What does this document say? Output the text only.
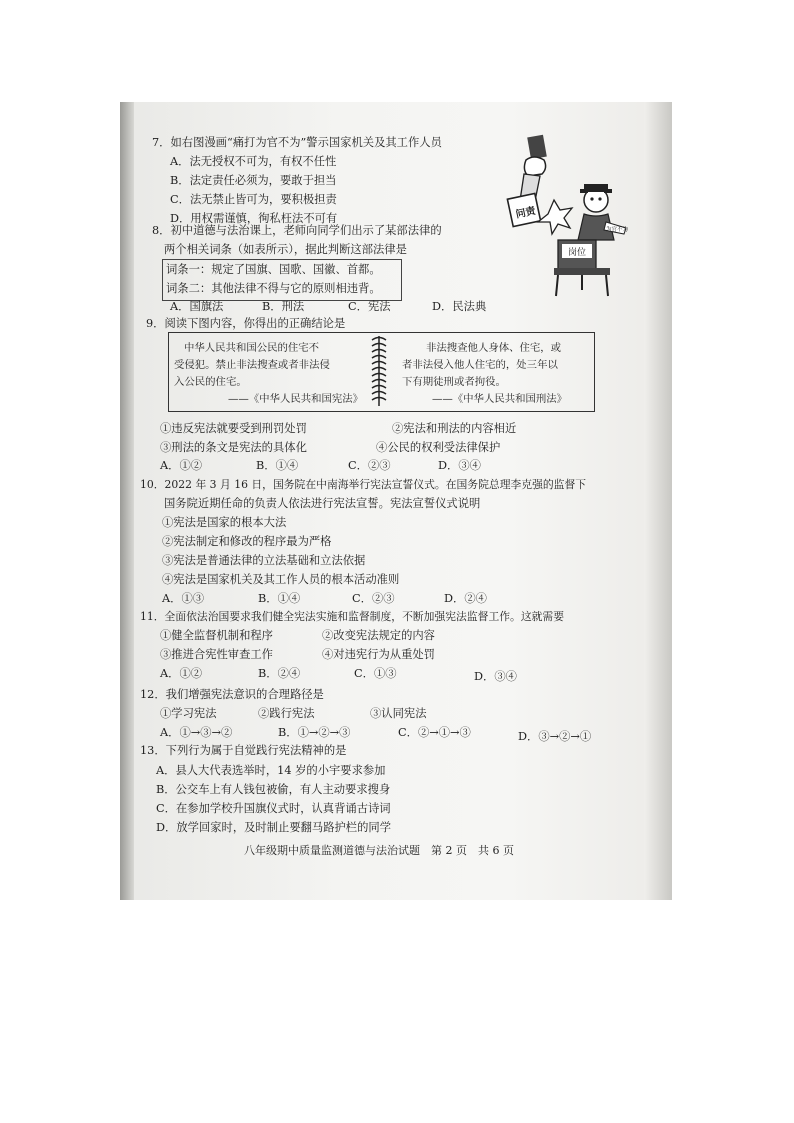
问责
为官不为
岗位
7．如右图漫画“痛打为官不为”警示国家机关及其工作人员
A．法无授权不可为，有权不任性
B．法定责任必须为，要敢于担当
C．法无禁止皆可为，要积极担责
D．用权需谨慎，徇私枉法不可有
8．初中道德与法治课上，老师向同学们出示了某部法律的
两个相关词条（如表所示），据此判断这部法律是
词条一：规定了国旗、国歌、国徽、首都。
词条二：其他法律不得与它的原则相违背。
A．国旗法	B．刑法	C．宪法	D．民法典
9．阅读下图内容，你得出的正确结论是
中华人民共和国公民的住宅不
受侵犯。禁止非法搜查或者非法侵
入公民的住宅。
——《中华人民共和国宪法》
非法搜查他人身体、住宅，或
者非法侵入他人住宅的，处三年以
下有期徒刑或者拘役。
——《中华人民共和国刑法》
①违反宪法就要受到刑罚处罚	②宪法和刑法的内容相近
③刑法的条文是宪法的具体化	④公民的权利受法律保护
A．①②	B．①④	C．②③	D．③④
10．2022 年 3 月 16 日，国务院在中南海举行宪法宣誓仪式。在国务院总理李克强的监督下
国务院近期任命的负责人依法进行宪法宣誓。宪法宣誓仪式说明
①宪法是国家的根本大法
②宪法制定和修改的程序最为严格
③宪法是普通法律的立法基础和立法依据
④宪法是国家机关及其工作人员的根本活动准则
A．①③	B．①④	C．②③	D．②④
11．全面依法治国要求我们健全宪法实施和监督制度，不断加强宪法监督工作。这就需要
①健全监督机制和程序	②改变宪法规定的内容
③推进合宪性审查工作	④对违宪行为从重处罚
A．①②	B．②④	C．①③	D．③④
12．我们增强宪法意识的合理路径是
①学习宪法	②践行宪法	③认同宪法
A．①→③→②	B．①→②→③	C．②→①→③	D．③→②→①
13．下列行为属于自觉践行宪法精神的是
A．县人大代表选举时，14 岁的小宇要求参加
B．公交车上有人钱包被偷，有人主动要求搜身
C．在参加学校升国旗仪式时，认真背诵古诗词
D．放学回家时，及时制止要翻马路护栏的同学
八年级期中质量监测道德与法治试题　第 2 页　共 6 页
